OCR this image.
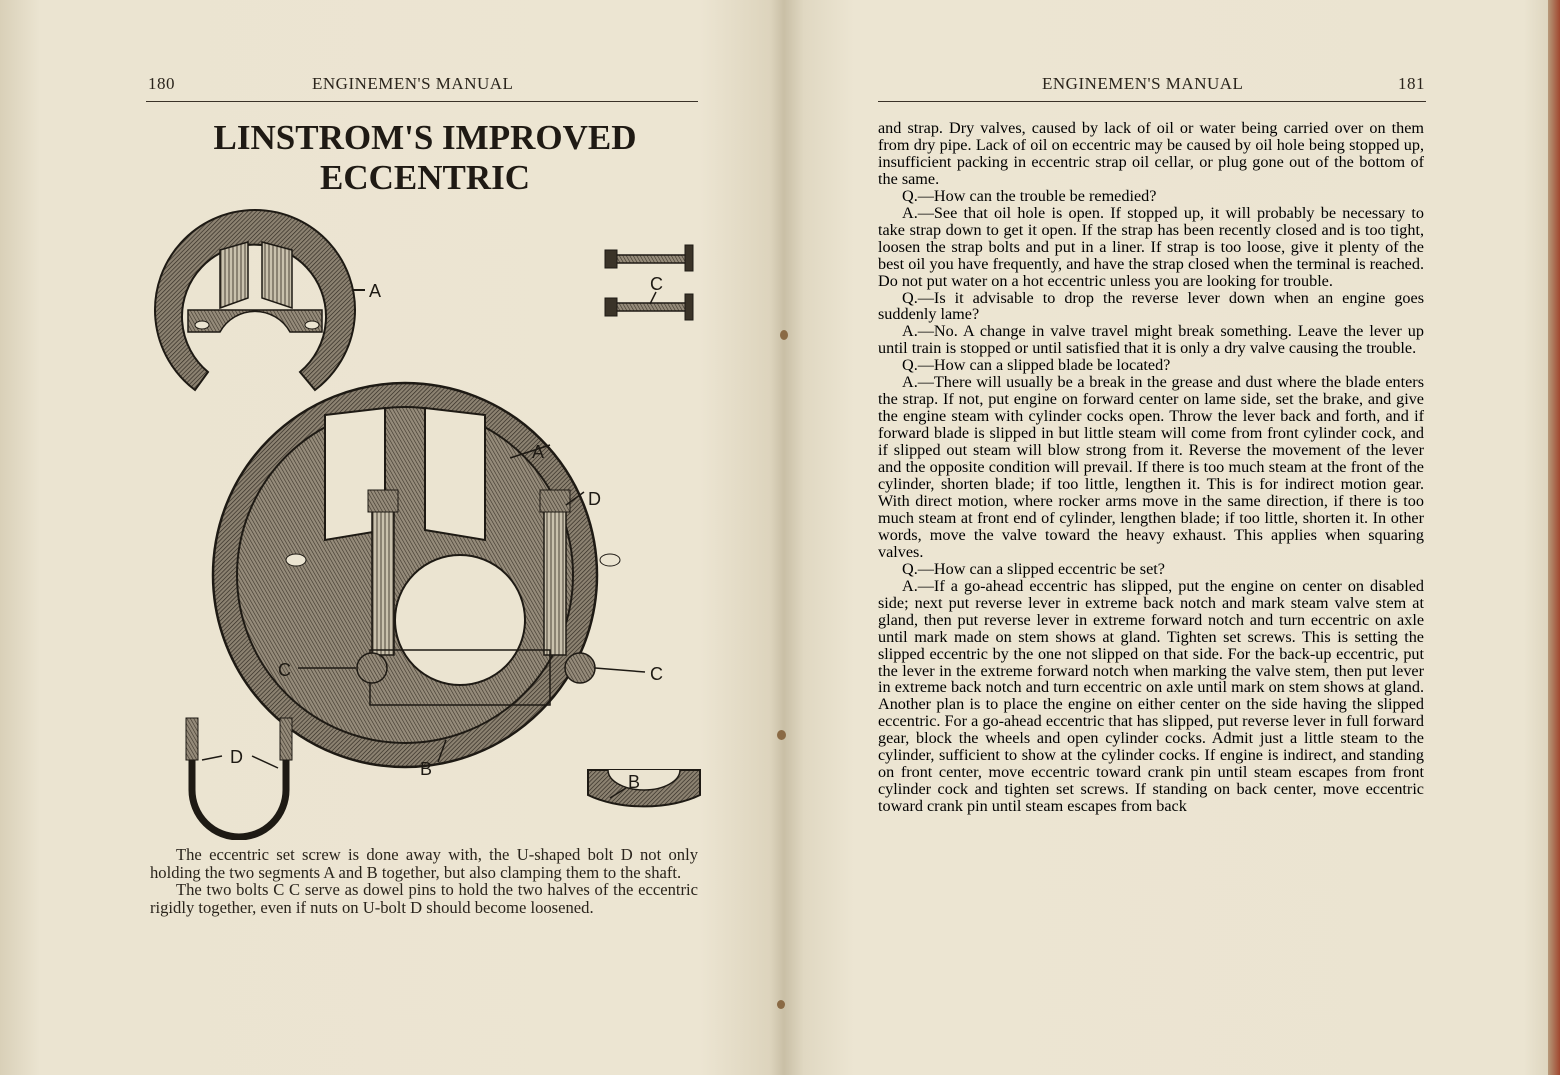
180	ENGINEMEN'S MANUAL
LINSTROM'S IMPROVED
ECCENTRIC
A	C
A
D
C	C
B
D
B

The eccentric set screw is done away with, the U-shaped bolt D not only holding the two segments A and B together, but also clamping them to the shaft.

The two bolts C C serve as dowel pins to hold the two halves of the eccentric rigidly together, even if nuts on U-bolt D should become loosened.

ENGINEMEN'S MANUAL	181

and strap. Dry valves, caused by lack of oil or water being carried over on them from dry pipe. Lack of oil on eccentric may be caused by oil hole being stopped up, insufficient packing in eccentric strap oil cellar, or plug gone out of the bottom of the same.

Q.—How can the trouble be remedied?

A.—See that oil hole is open. If stopped up, it will probably be necessary to take strap down to get it open. If the strap has been recently closed and is too tight, loosen the strap bolts and put in a liner. If strap is too loose, give it plenty of the best oil you have frequently, and have the strap closed when the terminal is reached. Do not put water on a hot eccentric unless you are looking for trouble.

Q.—Is it advisable to drop the reverse lever down when an engine goes suddenly lame?

A.—No. A change in valve travel might break something. Leave the lever up until train is stopped or until satisfied that it is only a dry valve causing the trouble.

Q.—How can a slipped blade be located?

A.—There will usually be a break in the grease and dust where the blade enters the strap. If not, put engine on forward center on lame side, set the brake, and give the engine steam with cylinder cocks open. Throw the lever back and forth, and if forward blade is slipped in but little steam will come from front cylinder cock, and if slipped out steam will blow strong from it. Reverse the movement of the lever and the opposite condition will prevail. If there is too much steam at the front of the cylinder, shorten blade; if too little, lengthen it. This is for indirect motion gear. With direct motion, where rocker arms move in the same direction, if there is too much steam at front end of cylinder, lengthen blade; if too little, shorten it. In other words, move the valve toward the heavy exhaust. This applies when squaring valves.

Q.—How can a slipped eccentric be set?

A.—If a go-ahead eccentric has slipped, put the engine on center on disabled side; next put reverse lever in extreme back notch and mark steam valve stem at gland, then put reverse lever in extreme forward notch and turn eccentric on axle until mark made on stem shows at gland. Tighten set screws. This is setting the slipped eccentric by the one not slipped on that side. For the back-up eccentric, put the lever in the extreme forward notch when marking the valve stem, then put lever in extreme back notch and turn eccentric on axle until mark on stem shows at gland. Another plan is to place the engine on either center on the side having the slipped eccentric. For a go-ahead eccentric that has slipped, put reverse lever in full forward gear, block the wheels and open cylinder cocks. Admit just a little steam to the cylinder, sufficient to show at the cylinder cocks. If engine is indirect, and standing on front center, move eccentric toward crank pin until steam escapes from front cylinder cock and tighten set screws. If standing on back center, move eccentric toward crank pin until steam escapes from back
